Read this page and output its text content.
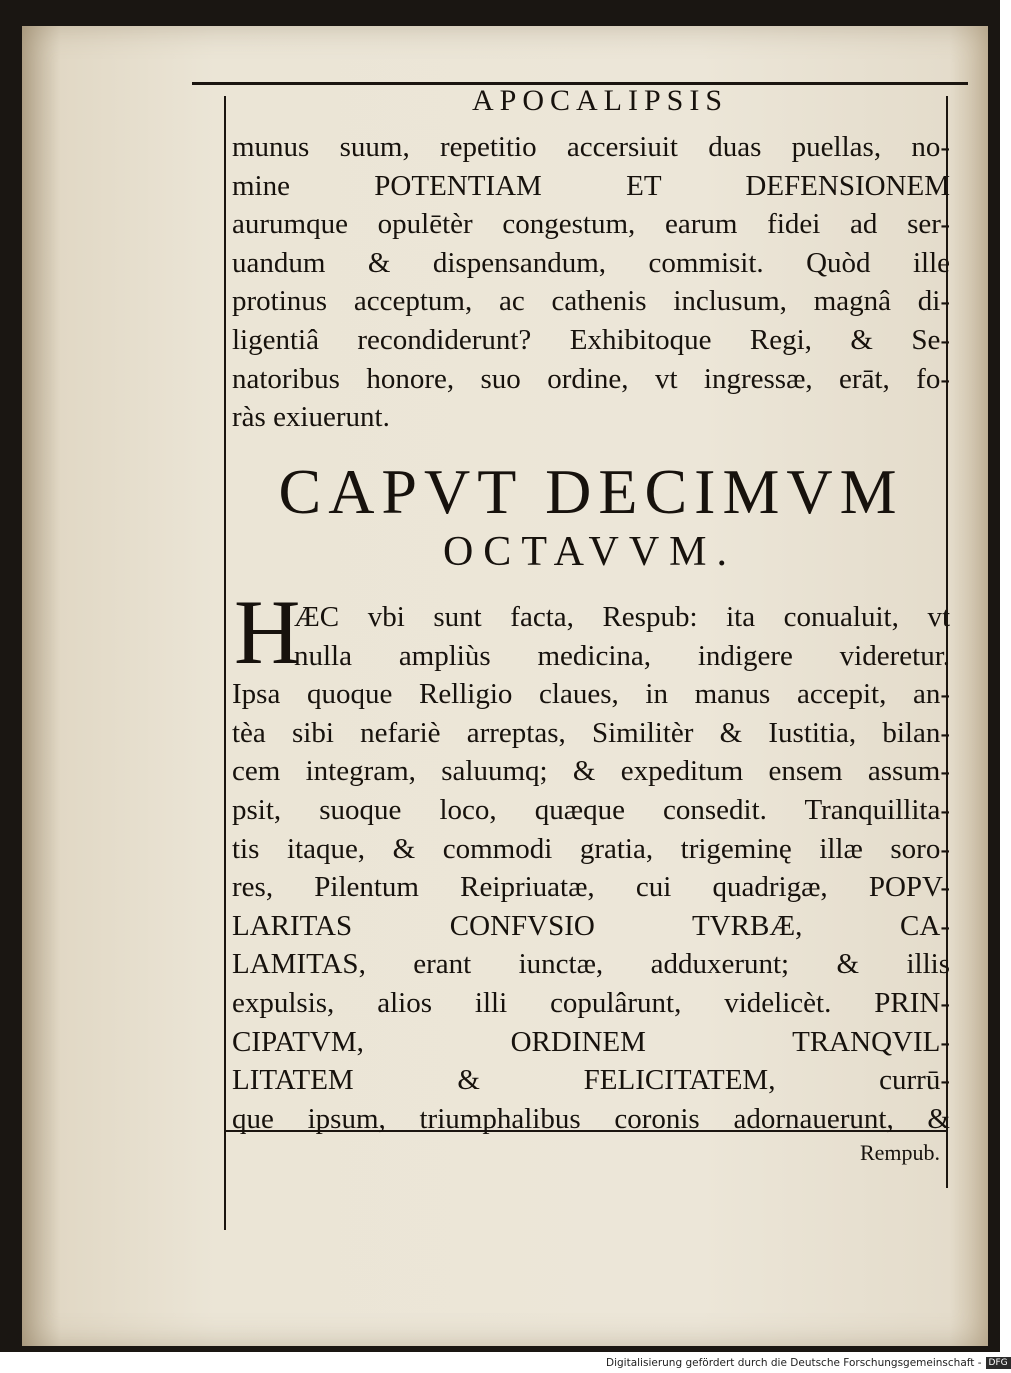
APOCALIPSIS
munus suum, repetitio accersiuit duas puellas, no-
mine POTENTIAM ET DEFENSIONEM
aurumque opulētèr congestum, earum fidei ad ser-
uandum & dispensandum, commisit. Quòd ille
protinus acceptum, ac cathenis inclusum, magnâ di-
ligentiâ recondiderunt? Exhibitoque Regi, & Se-
natoribus honore, suo ordine, vt ingressæ, erāt, fo-
ràs exiuerunt.
CAPVT DECIMVM
OCTAVVM.
H
ÆC vbi sunt facta, Respub: ita conualuit, vt
nulla ampliùs medicina, indigere videretur.
Ipsa quoque Relligio claues, in manus accepit, an-
tèa sibi nefariè arreptas, Similitèr & Iustitia, bilan-
cem integram, saluumq; & expeditum ensem assum-
psit, suoque loco, quæque consedit. Tranquillita-
tis itaque, & commodi gratia, trigeminę illæ soro-
res, Pilentum Reipriuatæ, cui quadrigæ, POPV-
LARITAS CONFVSIO TVRBÆ, CA-
LAMITAS, erant iunctæ, adduxerunt; & illis
expulsis, alios illi copulârunt, videlicèt. PRIN-
CIPATVM, ORDINEM TRANQVIL-
LITATEM & FELICITATEM, currū-
que ipsum, triumphalibus coronis adornauerunt, &
Rempub.
Digitalisierung gefördert durch die Deutsche Forschungsgemeinschaft - DFG
